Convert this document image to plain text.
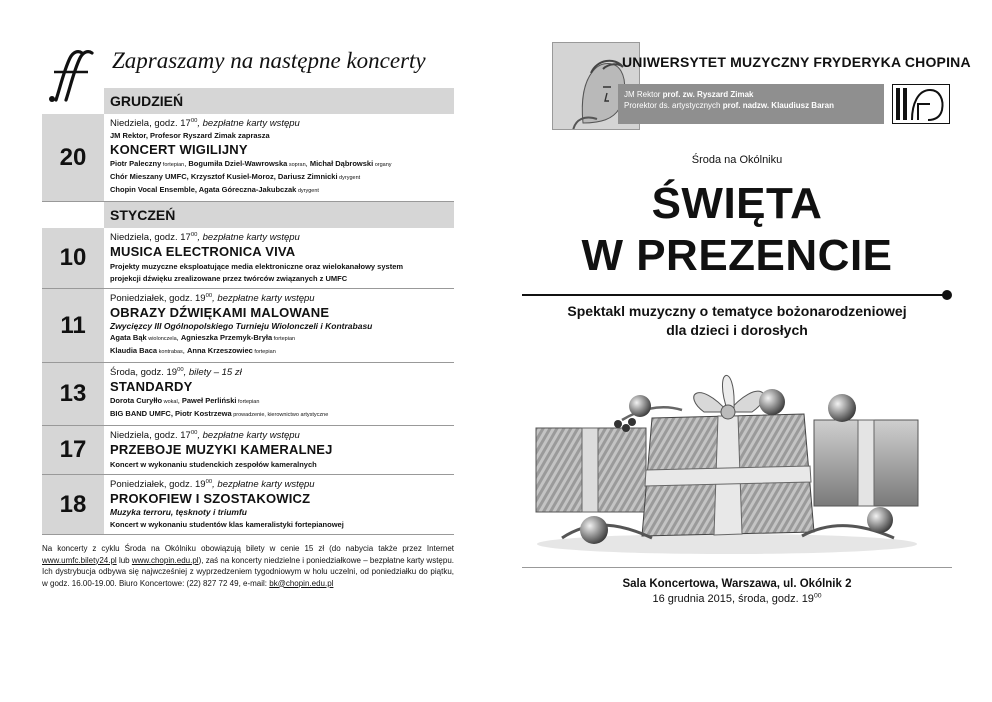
Zapraszamy na następne koncerty
GRUDZIEŃ
20
Niedziela, godz. $17^{00}$, bezpłatne karty wstępu
JM Rektor, Profesor Ryszard Zimak zaprasza
KONCERT WIGILIJNY
Piotr Paleczny fortepian, Bogumiła Dziel-Wawrowska sopran, Michał Dąbrowski organy
Chór Mieszany UMFC, Krzysztof Kusiel-Moroz, Dariusz Zimnicki dyrygent
Chopin Vocal Ensemble, Agata Góreczna-Jakubczak dyrygent
STYCZEŃ
10
Niedziela, godz. $17^{00}$, bezpłatne karty wstępu
MUSICA ELECTRONICA VIVA
Projekty muzyczne eksploatujące media elektroniczne oraz wielokanałowy system
projekcji dźwięku zrealizowane przez twórców związanych z UMFC
11
Poniedziałek, godz. $19^{00}$, bezpłatne karty wstępu
OBRAZY DŹWIĘKAMI MALOWANE
Zwycięzcy III Ogólnopolskiego Turnieju Wiolonczeli i Kontrabasu
Agata Bąk wiolonczela, Agnieszka Przemyk-Bryła fortepian
Klaudia Baca kontrabas, Anna Krzeszowiec fortepian
13
Środa, godz. $19^{00}$, bilety – 15 zł
STANDARDY
Dorota Curyłło wokal, Paweł Perliński fortepian
BIG BAND UMFC, Piotr Kostrzewa prowadzenie, kierownictwo artystyczne
17
Niedziela, godz. $17^{00}$, bezpłatne karty wstępu
PRZEBOJE MUZYKI KAMERALNEJ
Koncert w wykonaniu studenckich zespołów kameralnych
18
Poniedziałek, godz. $19^{00}$, bezpłatne karty wstępu
PROKOFIEW I SZOSTAKOWICZ
Muzyka terroru, tęsknoty i triumfu
Koncert w wykonaniu studentów klas kameralistyki fortepianowej
Na koncerty z cyklu Środa na Okólniku obowiązują bilety w cenie 15 zł (do nabycia także przez Internet www.umfc.bilety24.pl lub www.chopin.edu.pl), zaś na koncerty niedzielne i poniedziałkowe – bezpłatne karty wstępu. Ich dystrybucja odbywa się najwcześniej z wyprzedzeniem tygodniowym w holu uczelni, od poniedziałku do piątku, w godz. 16.00-19.00. Biuro Koncertowe: (22) 827 72 49, e-mail: bk@chopin.edu.pl
UNIWERSYTET MUZYCZNY FRYDERYKA CHOPINA
JM Rektor prof. zw. Ryszard Zimak
Prorektor ds. artystycznych prof. nadzw. Klaudiusz Baran
Środa na Okólniku
ŚWIĘTA
W PREZENCIE
Spektakl muzyczny o tematyce bożonarodzeniowej
dla dzieci i dorosłych
Sala Koncertowa, Warszawa, ul. Okólnik 2
16 grudnia 2015, środa, godz. $19^{00}$
